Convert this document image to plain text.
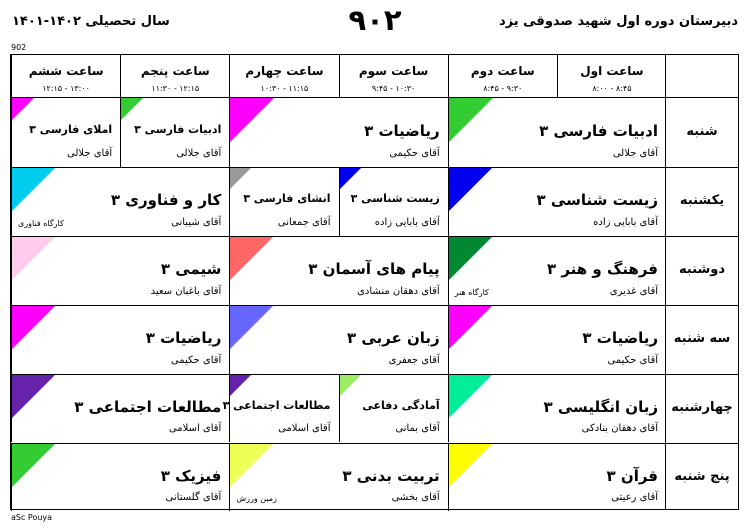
دبیرستان دوره اول شهید صدوقی یزد
۹۰۲
سال تحصیلی ۱۴۰۲-۱۴۰۱
902
ساعت اول
۸:۰۰ - ۸:۴۵
ساعت دوم
۸:۴۵ - ۹:۳۰
ساعت سوم
۹:۴۵ - ۱۰:۳۰
ساعت چهارم
۱۰:۳۰ - ۱۱:۱۵
ساعت پنجم
۱۱:۳۰ - ۱۲:۱۵
ساعت ششم
۱۲:۱۵ - ۱۳:۰۰
شنبه
ادبیات فارسی ۳
آقای جلالی
ریاضیات ۳
آقای حکیمی
ادبیات فارسی ۳
آقای جلالی
املای فارسی ۳
آقای جلالی
یکشنبه
زیست شناسی ۳
آقای بابایی زاده
زیست شناسی ۳
آقای بابایی زاده
انشای فارسی ۳
آقای جمعانی
کار و فناوری ۳
آقای شیبانی
کارگاه فناوری
دوشنبه
فرهنگ و هنر ۳
آقای غدیری
کارگاه هنر
پیام های آسمان ۳
آقای دهقان منشادی
شیمی ۳
آقای باغبان سعید
سه شنبه
ریاضیات ۳
آقای حکیمی
زبان عربی ۳
آقای جعفری
ریاضیات ۳
آقای حکیمی
چهارشنبه
زبان انگلیسی ۳
آقای دهقان بنادکی
آمادگی دفاعی
آقای بمانی
مطالعات اجتماعی ۳
آقای اسلامی
مطالعات اجتماعی ۳
آقای اسلامی
پنج شنبه
قرآن ۳
آقای رعیتی
تربیت بدنی ۳
آقای بخشی
زمین ورزش
فیزیک ۳
آقای گلستانی
aSc Pouya
